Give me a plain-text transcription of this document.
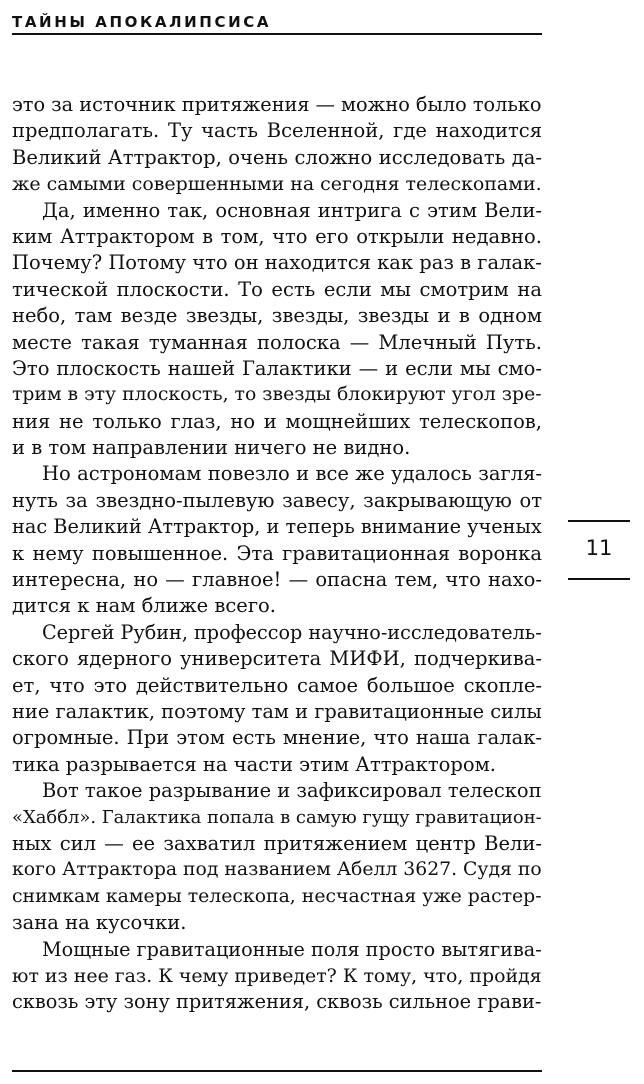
ТАЙНЫ АПОКАЛИПСИСА
это за источник притяжения — можно было только
предполагать. Ту часть Вселенной, где находится
Великий Аттрактор, очень сложно исследовать да-
же самыми совершенными на сегодня телескопами.
Да, именно так, основная интрига с этим Вели-
ким Аттрактором в том, что его открыли недавно.
Почему? Потому что он находится как раз в галак-
тической плоскости. То есть если мы смотрим на
небо, там везде звезды, звезды, звезды и в одном
месте такая туманная полоска — Млечный Путь.
Это плоскость нашей Галактики — и если мы смо-
трим в эту плоскость, то звезды блокируют угол зре-
ния не только глаз, но и мощнейших телескопов,
и в том направлении ничего не видно.
Но астрономам повезло и все же удалось загля-
нуть за звездно-пылевую завесу, закрывающую от
нас Великий Аттрактор, и теперь внимание ученых
к нему повышенное. Эта гравитационная воронка
интересна, но — главное! — опасна тем, что нахо-
дится к нам ближе всего.
Сергей Рубин, профессор научно-исследователь-
ского ядерного университета МИФИ, подчеркива-
ет, что это действительно самое большое скопле-
ние галактик, поэтому там и гравитационные силы
огромные. При этом есть мнение, что наша галак-
тика разрывается на части этим Аттрактором.
Вот такое разрывание и зафиксировал телескоп
«Хаббл». Галактика попала в самую гущу гравитацион-
ных сил — ее захватил притяжением центр Вели-
кого Аттрактора под названием Абелл 3627. Судя по
снимкам камеры телескопа, несчастная уже растер-
зана на кусочки.
Мощные гравитационные поля просто вытягива-
ют из нее газ. К чему приведет? К тому, что, пройдя
сквозь эту зону притяжения, сквозь сильное грави-
11
